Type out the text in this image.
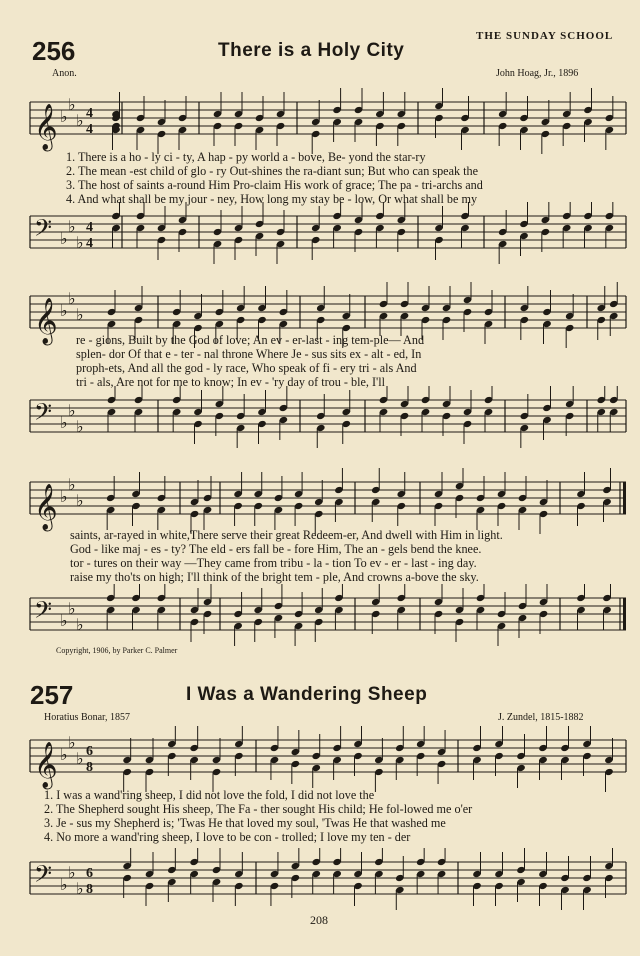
256	There is a Holy City
THE SUNDAY SCHOOL
Anon.	John Hoag, Jr., 1896
𝄞 ♭
♭
♭ 4
4
1. There is a ho - ly ci - ty, A hap - py world a - bove, Be- yond the star-ry
2. The mean -est child of glo - ry Out-shines the ra-diant sun; But who can speak the
3. The host of saints a-round Him Pro-claim His work of grace; The pa - tri-archs and
4. And what shall be my jour - ney, How long my stay be - low, Or what shall be my
𝄢 ♭
♭
♭
4
4
𝄞 ♭
♭
♭
re - gions, Built by the God of love; An ev - er-last - ing tem-ple— And
splen- dor Of that e - ter - nal throne Where Je - sus sits ex - alt - ed, In
proph-ets, And all the god - ly race, Who speak of fi - ery tri - als And
tri - als, Are not for me to know; In ev - 'ry day of trou - ble, I'll
𝄢 ♭
♭
♭
𝄞 ♭
♭
♭
saints, ar-rayed in white,There serve their great Redeem-er, And dwell with Him in light.
God - like maj - es - ty? The eld - ers fall be - fore Him, The an - gels bend the knee.
tor - tures on their way —They came from tribu - la - tion To ev - er - last - ing day.
raise my tho'ts on high; I'll think of the bright tem - ple, And crowns a-bove the sky.
𝄢 ♭
♭
♭
Copyright, 1906, by Parker C. Palmer
257	I Was a Wandering Sheep
Horatius Bonar, 1857	J. Zundel, 1815-1882
𝄞 ♭
♭
♭ 6
8
1. I was a wand'ring sheep, I did not love the fold, I did not love the
2. The Shepherd sought His sheep, The Fa - ther sought His child; He fol-lowed me o'er
3. Je - sus my Shepherd is; 'Twas He that loved my soul, 'Twas He that washed me
4. No more a wand'ring sheep, I love to be con - trolled; I love my ten - der
𝄢 ♭
♭
♭
6
8
208
